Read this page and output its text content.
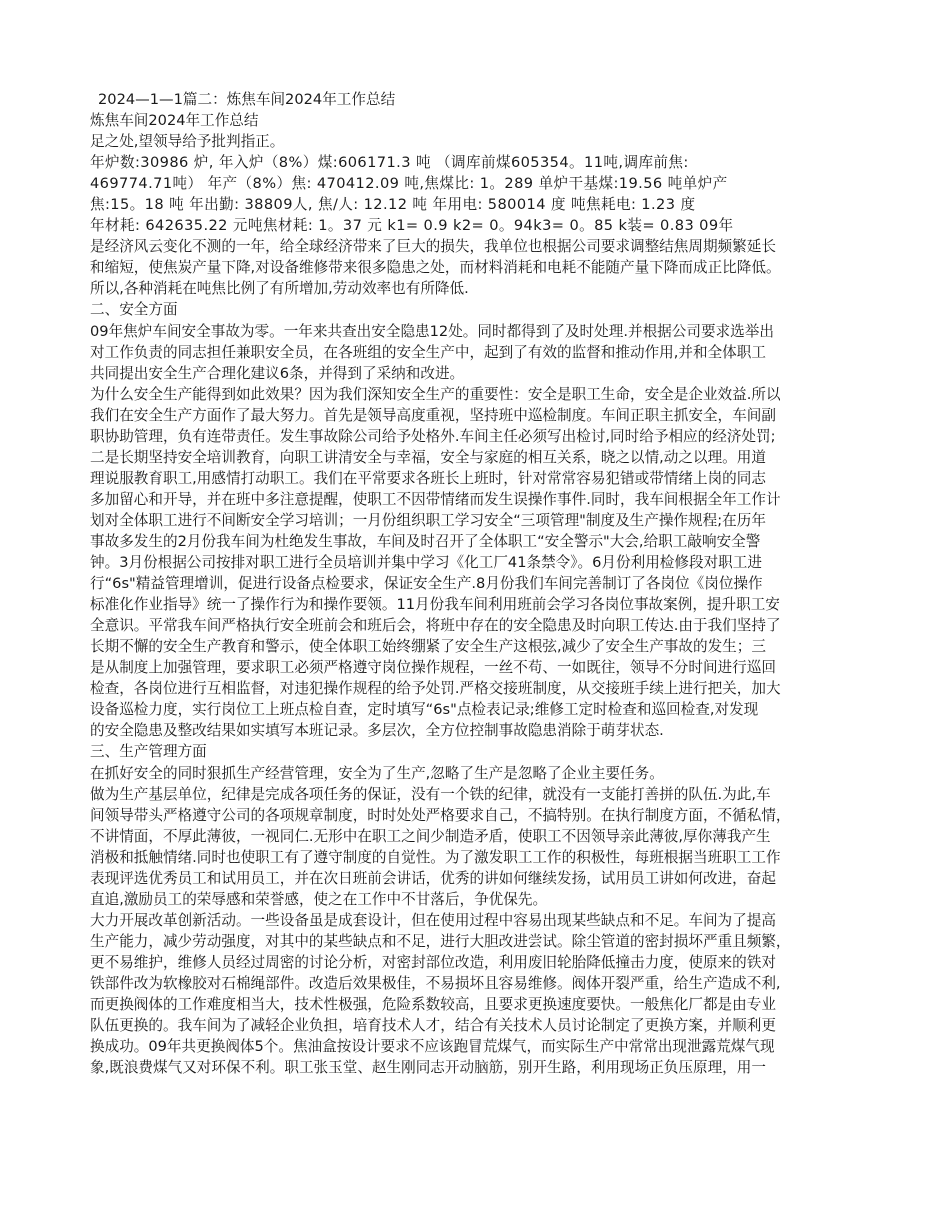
2024—1—1篇二：炼焦车间2024年工作总结
炼焦车间2024年工作总结
足之处,望领导给予批判指正。
年炉数:30986 炉, 年入炉（8%）煤:606171.3 吨 （调库前煤605354。11吨,调库前焦:
469774.71吨） 年产（8%）焦: 470412.09 吨,焦煤比: 1。289 单炉干基煤:19.56 吨单炉产
焦:15。18 吨 年出勤: 38809人, 焦/人: 12.12 吨 年用电: 580014 度 吨焦耗电: 1.23 度
年材耗: 642635.22 元吨焦材耗: 1。37 元 k1= 0.9 k2= 0。94k3= 0。85 k装= 0.83 09年
是经济风云变化不测的一年，给全球经济带来了巨大的损失，我单位也根据公司要求调整结焦周期频繁延长
和缩短，使焦炭产量下降,对设备维修带来很多隐患之处，而材料消耗和电耗不能随产量下降而成正比降低。
所以,各种消耗在吨焦比例了有所增加,劳动效率也有所降低.
二、安全方面
09年焦炉车间安全事故为零。一年来共查出安全隐患12处。同时都得到了及时处理.并根据公司要求选举出
对工作负责的同志担任兼职安全员，在各班组的安全生产中，起到了有效的监督和推动作用,并和全体职工
共同提出安全生产合理化建议6条，并得到了采纳和改进。
为什么安全生产能得到如此效果？因为我们深知安全生产的重要性：安全是职工生命，安全是企业效益.所以
我们在安全生产方面作了最大努力。首先是领导高度重视，坚持班中巡检制度。车间正职主抓安全，车间副
职协助管理，负有连带责任。发生事故除公司给予处格外.车间主任必须写出检讨,同时给予相应的经济处罚;
二是长期坚持安全培训教育，向职工讲清安全与幸福，安全与家庭的相互关系，晓之以情,动之以理。用道
理说服教育职工,用感情打动职工。我们在平常要求各班长上班时，针对常常容易犯错或带情绪上岗的同志
多加留心和开导，并在班中多注意提醒，使职工不因带情绪而发生误操作事件.同时，我车间根据全年工作计
划对全体职工进行不间断安全学习培训；一月份组织职工学习安全“三项管理"制度及生产操作规程;在历年
事故多发生的2月份我车间为杜绝发生事故，车间及时召开了全体职工“安全警示"大会,给职工敲响安全警
钟。3月份根据公司按排对职工进行全员培训并集中学习《化工厂41条禁令》。6月份利用检修段对职工进
行“6s"精益管理增训，促进行设备点检要求，保证安全生产.8月份我们车间完善制订了各岗位《岗位操作
标准化作业指导》统一了操作行为和操作要领。11月份我车间利用班前会学习各岗位事故案例，提升职工安
全意识。平常我车间严格执行安全班前会和班后会，将班中存在的安全隐患及时向职工传达.由于我们坚持了
长期不懈的安全生产教育和警示，使全体职工始终绷紧了安全生产这根弦,减少了安全生产事故的发生；三
是从制度上加强管理，要求职工必须严格遵守岗位操作规程，一丝不苟、一如既往，领导不分时间进行巡回
检查，各岗位进行互相监督，对违犯操作规程的给予处罚.严格交接班制度，从交接班手续上进行把关，加大
设备巡检力度，实行岗位工上班点检自查，定时填写“6s"点检表记录;维修工定时检查和巡回检查,对发现
的安全隐患及整改结果如实填写本班记录。多层次，全方位控制事故隐患消除于萌芽状态.
三、生产管理方面
在抓好安全的同时狠抓生产经营管理，安全为了生产,忽略了生产是忽略了企业主要任务。
做为生产基层单位，纪律是完成各项任务的保证，没有一个铁的纪律，就没有一支能打善拼的队伍.为此,车
间领导带头严格遵守公司的各项规章制度，时时处处严格要求自己，不搞特别。在执行制度方面，不循私情，
不讲情面，不厚此薄彼，一视同仁.无形中在职工之间少制造矛盾，使职工不因领导亲此薄彼,厚你薄我产生
消极和抵触情绪.同时也使职工有了遵守制度的自觉性。为了激发职工工作的积极性，每班根据当班职工工作
表现评选优秀员工和试用员工，并在次日班前会讲话，优秀的讲如何继续发扬，试用员工讲如何改进，奋起
直追,激励员工的荣辱感和荣誉感，使之在工作中不甘落后，争优保先。
大力开展改革创新活动。一些设备虽是成套设计，但在使用过程中容易出现某些缺点和不足。车间为了提高
生产能力，减少劳动强度，对其中的某些缺点和不足，进行大胆改进尝试。除尘管道的密封损坏严重且频繁，
更不易维护，维修人员经过周密的讨论分析，对密封部位改造，利用废旧轮胎降低撞击力度，使原来的铁对
铁部件改为软橡胶对石棉绳部件。改造后效果极佳，不易损坏且容易维修。阀体开裂严重，给生产造成不利,
而更换阀体的工作难度相当大，技术性极强，危险系数较高，且要求更换速度要快。一般焦化厂都是由专业
队伍更换的。我车间为了减轻企业负担，培育技术人才，结合有关技术人员讨论制定了更换方案，并顺利更
换成功。09年共更换阀体5个。焦油盒按设计要求不应该跑冒荒煤气，而实际生产中常常出现泄露荒煤气现
象,既浪费煤气又对环保不利。职工张玉堂、赵生刚同志开动脑筋，别开生路，利用现场正负压原理，用一
